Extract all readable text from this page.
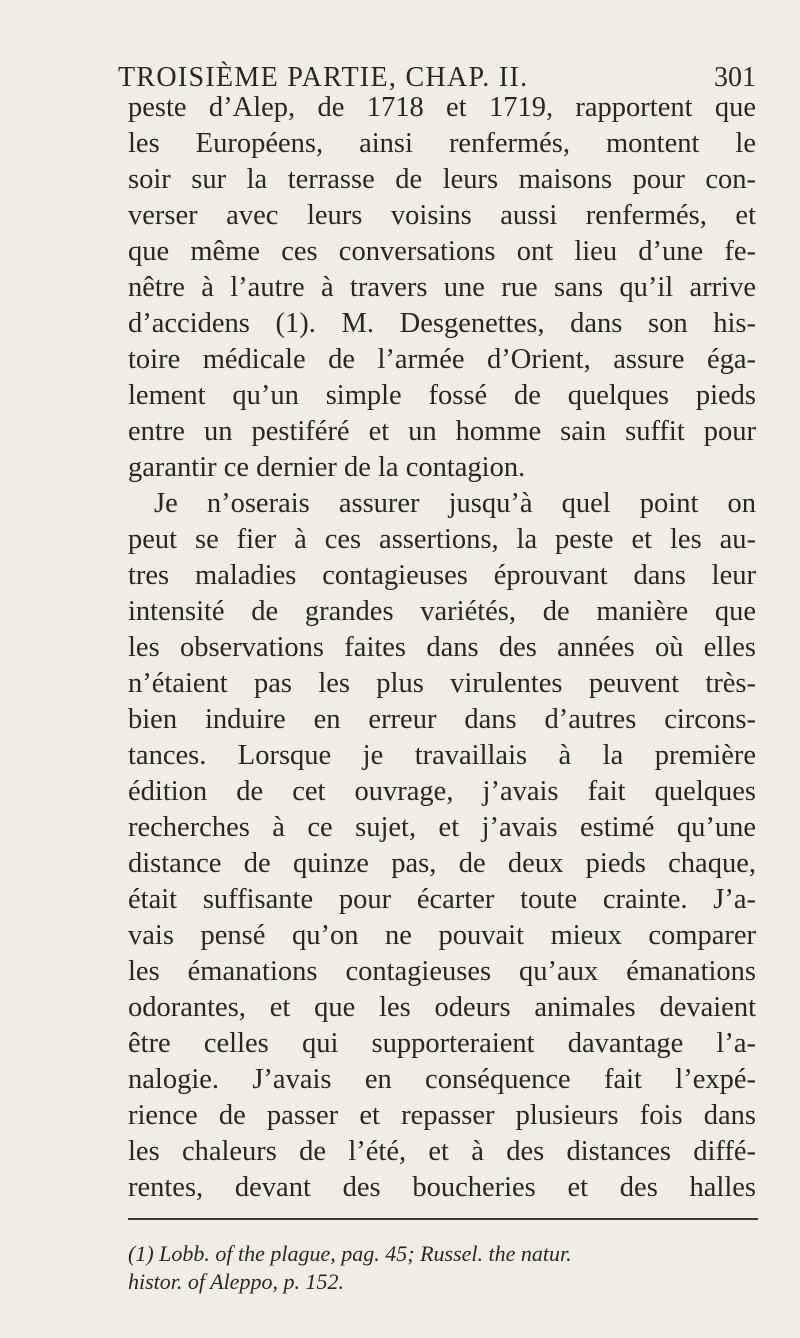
TROISIÈME PARTIE, CHAP. II.	301
peste d’Alep, de 1718 et 1719, rapportent que
les Européens, ainsi renfermés, montent le
soir sur la terrasse de leurs maisons pour con-
verser avec leurs voisins aussi renfermés, et
que même ces conversations ont lieu d’une fe-
nêtre à l’autre à travers une rue sans qu’il arrive
d’accidens (1). M. Desgenettes, dans son his-
toire médicale de l’armée d’Orient, assure éga-
lement qu’un simple fossé de quelques pieds
entre un pestiféré et un homme sain suffit pour
garantir ce dernier de la contagion.
Je n’oserais assurer jusqu’à quel point on
peut se fier à ces assertions, la peste et les au-
tres maladies contagieuses éprouvant dans leur
intensité de grandes variétés, de manière que
les observations faites dans des années où elles
n’étaient pas les plus virulentes peuvent très-
bien induire en erreur dans d’autres circons-
tances. Lorsque je travaillais à la première
édition de cet ouvrage, j’avais fait quelques
recherches à ce sujet, et j’avais estimé qu’une
distance de quinze pas, de deux pieds chaque,
était suffisante pour écarter toute crainte. J’a-
vais pensé qu’on ne pouvait mieux comparer
les émanations contagieuses qu’aux émanations
odorantes, et que les odeurs animales devaient
être celles qui supporteraient davantage l’a-
nalogie. J’avais en conséquence fait l’expé-
rience de passer et repasser plusieurs fois dans
les chaleurs de l’été, et à des distances diffé-
rentes, devant des boucheries et des halles
(1) Lobb. of the plague, pag. 45; Russel. the natur.
histor. of Aleppo, p. 152.
